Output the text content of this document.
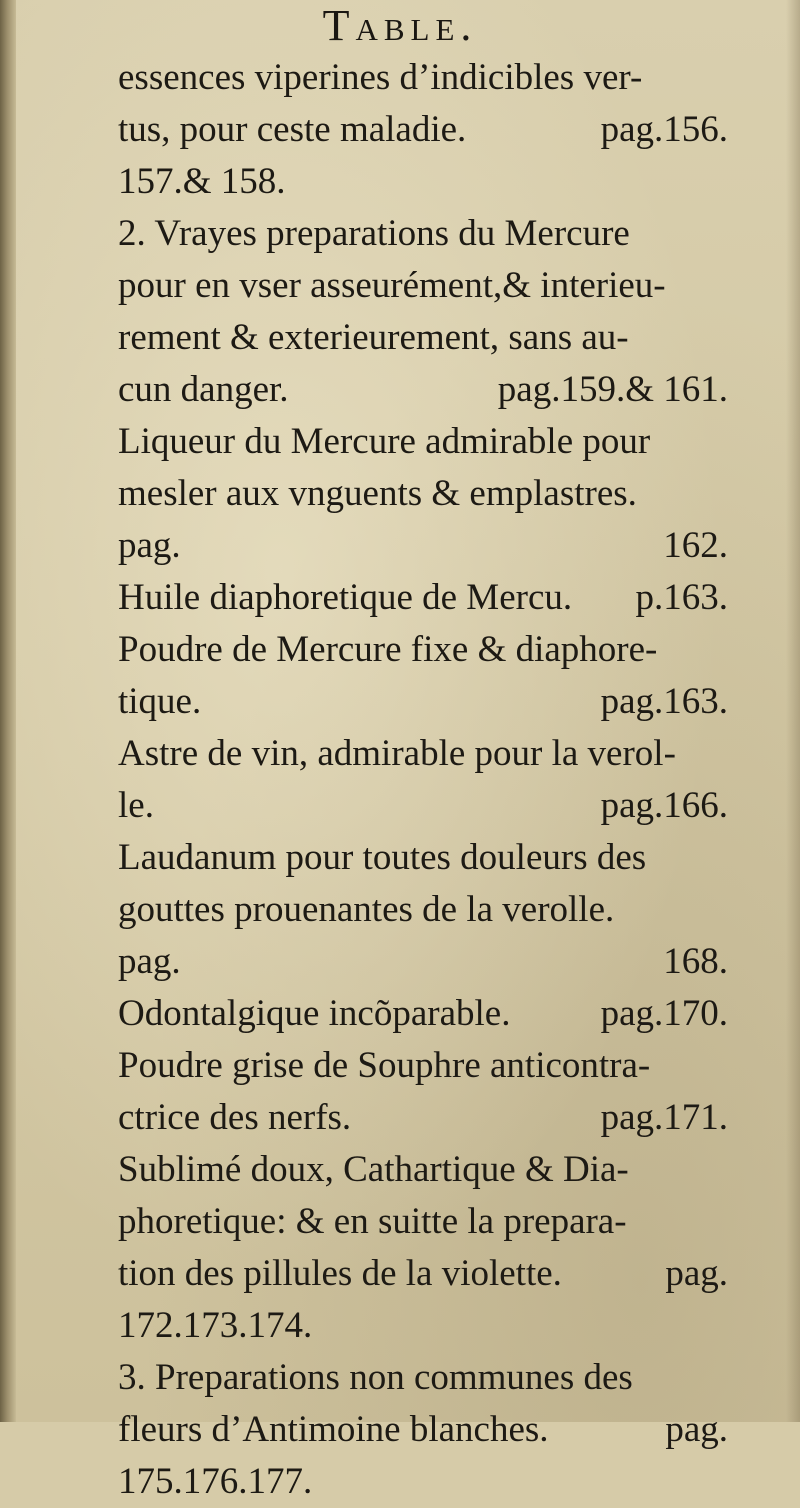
Table.
essences viperines d’indicibles ver-
tus, pour ceste maladie.	pag.156.
157.& 158.
2. Vrayes preparations du Mercure
pour en vser asseurément,& interieu-
rement & exterieurement, sans au-
cun danger.	pag.159.& 161.
Liqueur du Mercure admirable pour
mesler aux vnguents & emplastres.
pag.	162.
Huile diaphoretique de Mercu. p.163.
Poudre de Mercure fixe & diaphore-
tique.	pag.163.
Astre de vin, admirable pour la verol-
le.	pag.166.
Laudanum pour toutes douleurs des
gouttes prouenantes de la verolle.
pag.	168.
Odontalgique incõparable. pag.170.
Poudre grise de Souphre anticontra-
ctrice des nerfs.	pag.171.
Sublimé doux, Cathartique & Dia-
phoretique: & en suitte la prepara-
tion des pillules de la violette.	pag.
172.173.174.
3. Preparations non communes des
fleurs d’Antimoine blanches.	pag.
175.176.177.
